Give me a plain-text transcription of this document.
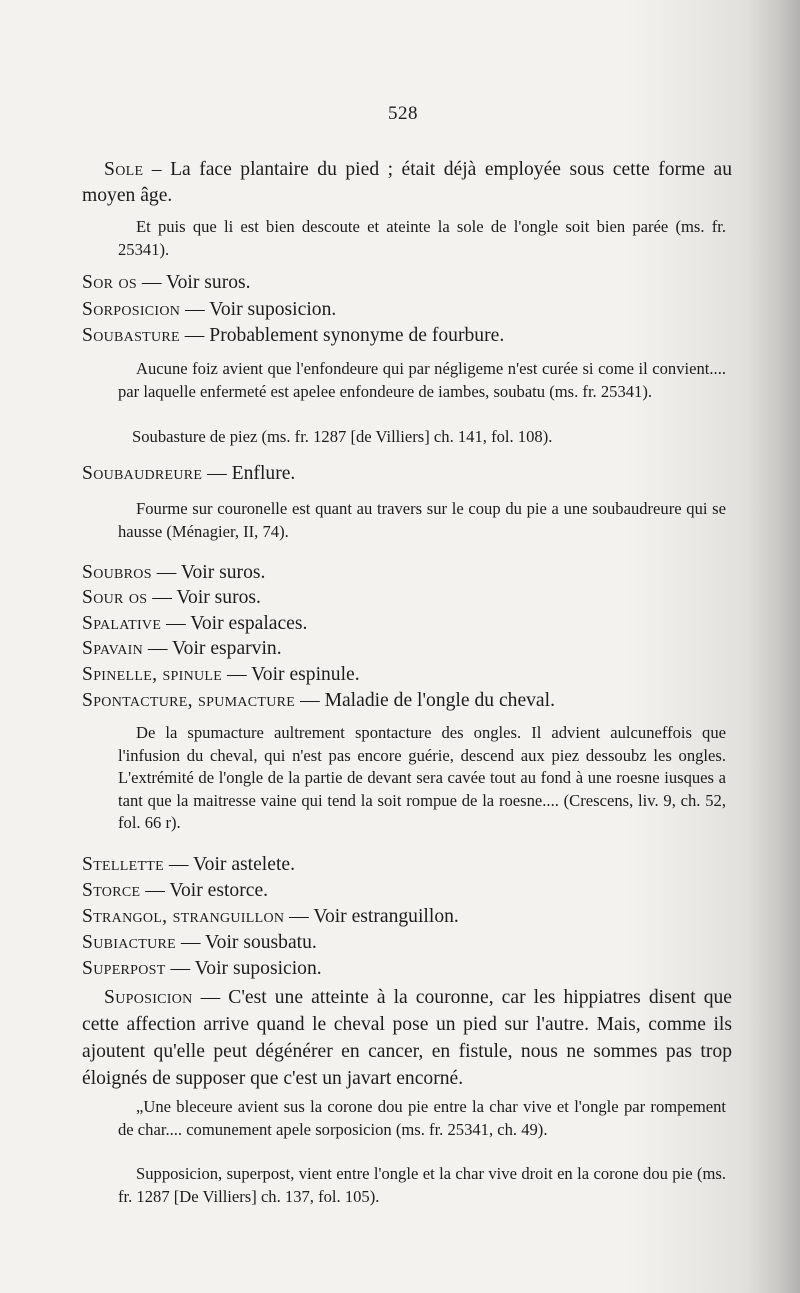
528
Sole – La face plantaire du pied ; était déjà employée sous cette forme au moyen âge.
Et puis que li est bien descoute et ateinte la sole de l'ongle soit bien parée (ms. fr. 25341).
Sor os — Voir suros.
Sorposicion — Voir suposicion.
Soubasture — Probablement synonyme de fourbure.
Aucune foiz avient que l'enfondeure qui par négligeme n'est curée si come il convient.... par laquelle enfermeté est apelee enfondeure de iambes, soubatu (ms. fr. 25341).
Soubasture de piez (ms. fr. 1287 [de Villiers] ch. 141, fol. 108).
Soubaudreure — Enflure.
Fourme sur couronelle est quant au travers sur le coup du pie a une soubaudreure qui se hausse (Ménagier, II, 74).
Soubros — Voir suros.
Sour os — Voir suros.
Spalative — Voir espalaces.
Spavain — Voir esparvin.
Spinelle, spinule — Voir espinule.
Spontacture, spumacture — Maladie de l'ongle du cheval.
De la spumacture aultrement spontacture des ongles. Il advient aulcuneffois que l'infusion du cheval, qui n'est pas encore guérie, descend aux piez dessoubz les ongles. L'extrémité de l'ongle de la partie de devant sera cavée tout au fond à une roesne iusques a tant que la maitresse vaine qui tend la soit rompue de la roesne.... (Crescens, liv. 9, ch. 52, fol. 66 r).
Stellette — Voir astelete.
Storce — Voir estorce.
Strangol, stranguillon — Voir estranguillon.
Subiacture — Voir sousbatu.
Superpost — Voir suposicion.
Suposicion — C'est une atteinte à la couronne, car les hippiatres disent que cette affection arrive quand le cheval pose un pied sur l'autre. Mais, comme ils ajoutent qu'elle peut dégénérer en cancer, en fistule, nous ne sommes pas trop éloignés de supposer que c'est un javart encorné.
„Une bleceure avient sus la corone dou pie entre la char vive et l'ongle par rompement de char.... comunement apele sorposicion (ms. fr. 25341, ch. 49).
Supposicion, superpost, vient entre l'ongle et la char vive droit en la corone dou pie (ms. fr. 1287 [De Villiers] ch. 137, fol. 105).
